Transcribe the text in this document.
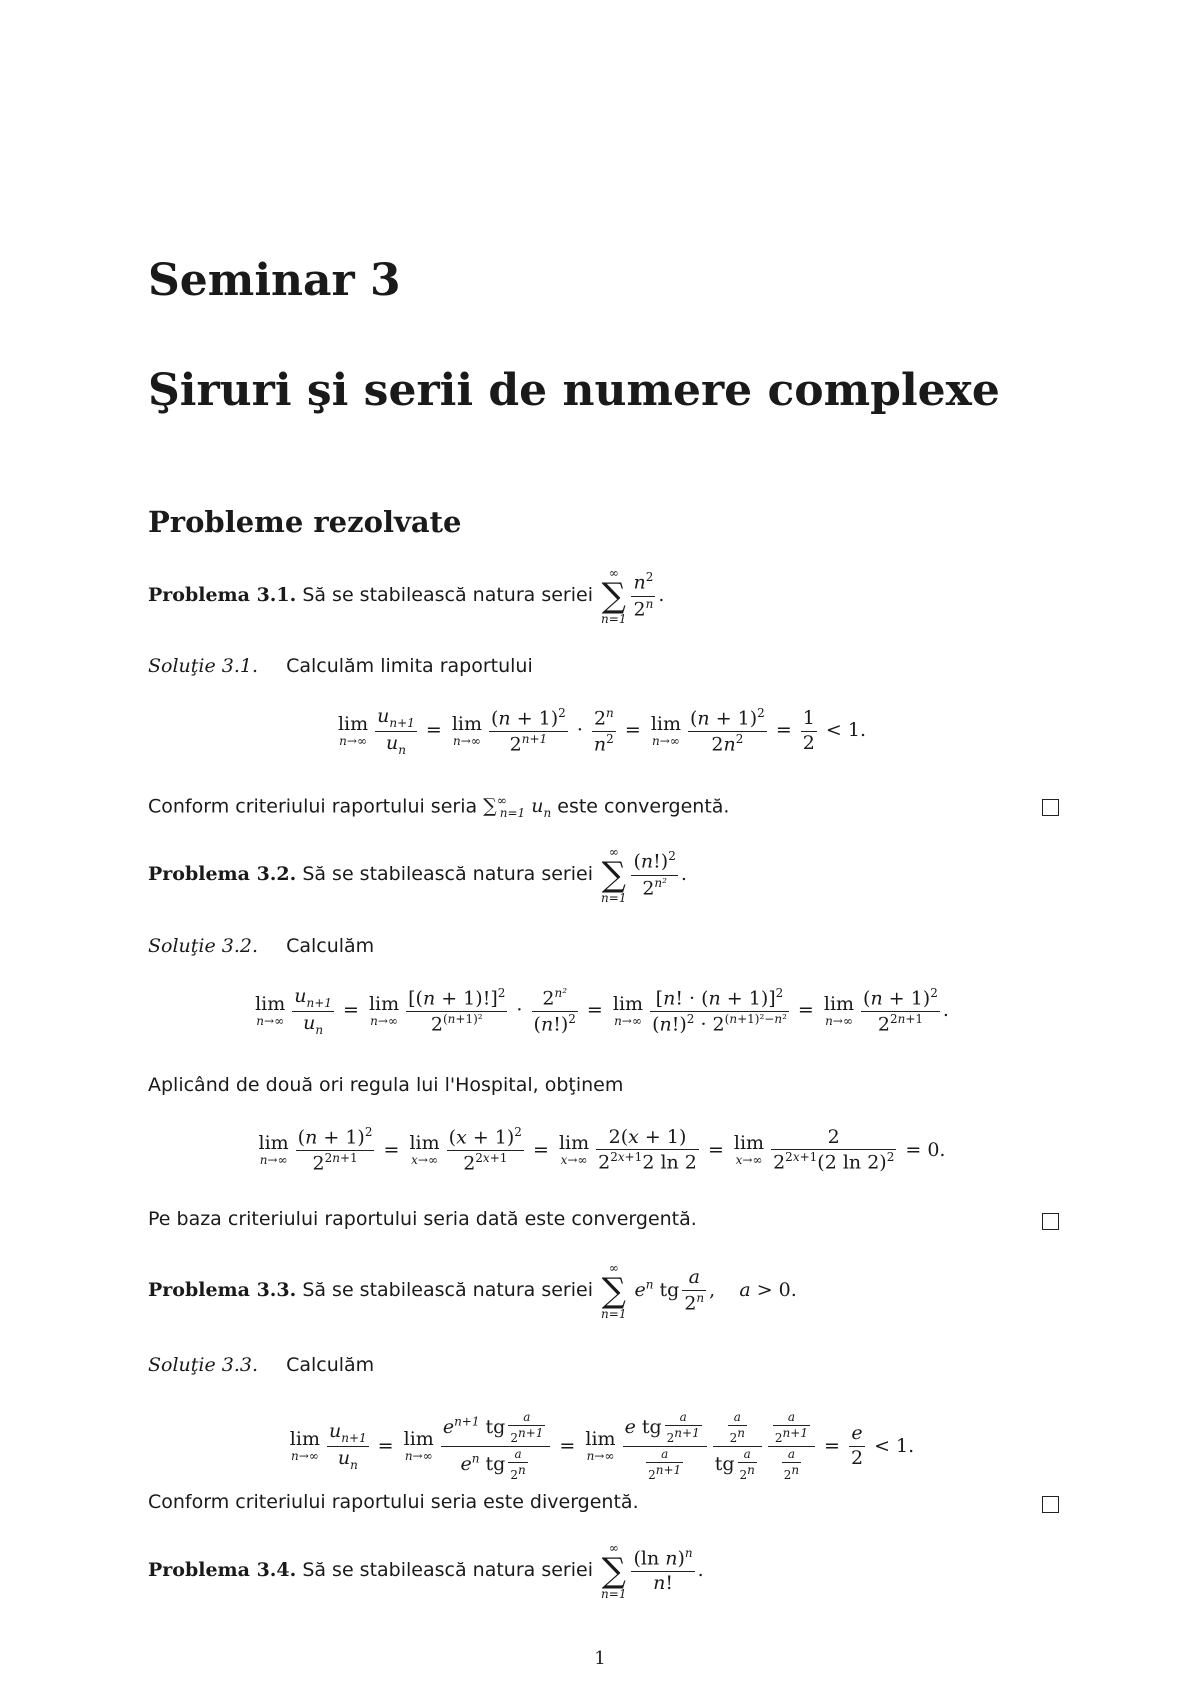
Seminar 3
Şiruri şi serii de numere complexe
Probleme rezolvate
Problema 3.1. Să se stabilească natura seriei
∞
∑
$n=1 \frac{n^2}{2^n}$ .
Soluţie 3.1. Calculăm limita raportului
lim
$n\to\infty \frac{u_{n+1}}{u_n} = \lim$
$n\to\infty \frac{(n + 1)^2}{2^{n+1}} \cdot \frac{2^n}{n^2} = \lim$
$n\to\infty \frac{(n + 1)^2}{2n^2} = \frac{1}{2} < 1$.
Conform criteriului raportului seria $\sum^\infty_{n=1}$ $u_n$ este convergentă.
Problema 3.2. Să se stabilească natura seriei
∞
∑
$n=1 \frac{(n!)^2}{2^{n^2}}$ .
Soluţie 3.2. Calculăm
lim
$n\to\infty \frac{u_{n+1}}{u_n} = \lim$
$n\to\infty \frac{[(n + 1)!]^2}{2^{(n+1)^2}} \cdot \frac{2^{n^2}}{(n!)^2} = \lim$
$n\to\infty \frac{[n! \cdot (n + 1)]^2}{(n!)^2 \cdot 2^{(n+1)^2-n^2}} = \lim$
$n\to\infty \frac{(n + 1)^2}{2^{2n+1}}$ .
Aplicând de două ori regula lui l'Hospital, obţinem
lim
$n\to\infty \frac{(n + 1)^2}{2^{2n+1}} = \lim$
$x\to\infty \frac{(x + 1)^2}{2^{2x+1}} = \lim$
$x\to\infty \frac{2(x + 1)}{2^{2x+1}2 \ln 2} = \lim$
$x\to\infty \frac{2}{2^{2x+1}(2 \ln 2)^2} = 0$.
Pe baza criteriului raportului seria dată este convergentă.
Problema 3.3. Să se stabilească natura seriei
∞
∑
n=1
$e^n$ tg $\frac{a}{2^n}$ ,    a > 0.
Soluţie 3.3. Calculăm
lim
$n\to\infty \frac{u_{n+1}}{u_n} = \lim$
$n\to\infty \frac{e^{n+1} tg \frac{a}{2^{n+1}}}{e^n tg \frac{a}{2^n}} = \lim$
$n\to\infty \frac{e tg \frac{a}{2^{n+1}}}{\frac{a}{2^{n+1}}} \frac{\frac{a}{2^n}}{tg \frac{a}{2^n}} \frac{\frac{a}{2^{n+1}}}{\frac{a}{2^n}} = \frac{e}{2} < 1$.
Conform criteriului raportului seria este divergentă.
Problema 3.4. Să se stabilească natura seriei
∞
∑
$n=1 \frac{(\ln n)^n}{n!}$ .
1
